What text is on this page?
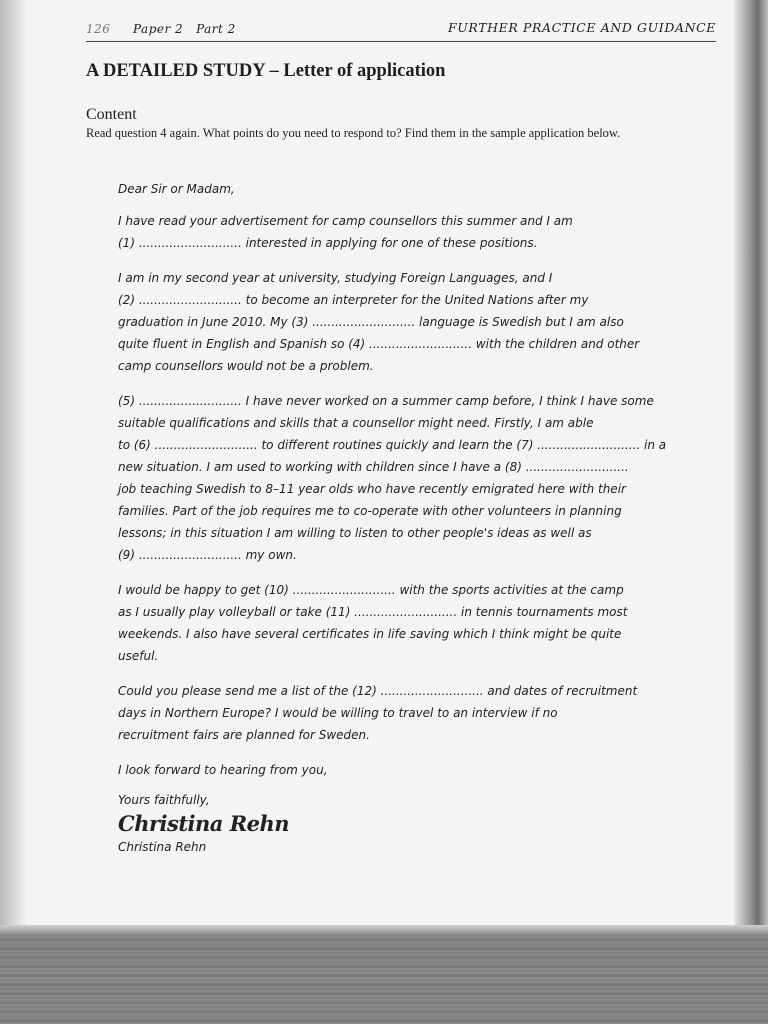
126 Paper 2   Part 2	FURTHER PRACTICE AND GUIDANCE
A DETAILED STUDY – Letter of application
Content
Read question 4 again. What points do you need to respond to? Find them in the sample application below.

Dear Sir or Madam,

I have read your advertisement for camp counsellors this summer and I am
(1) ........................... interested in applying for one of these positions.

I am in my second year at university, studying Foreign Languages, and I
(2) ........................... to become an interpreter for the United Nations after my
graduation in June 2010. My (3) ........................... language is Swedish but I am also
quite fluent in English and Spanish so (4) ........................... with the children and other
camp counsellors would not be a problem.

(5) ........................... I have never worked on a summer camp before, I think I have some
suitable qualifications and skills that a counsellor might need. Firstly, I am able
to (6) ........................... to different routines quickly and learn the (7) ........................... in a
new situation. I am used to working with children since I have a (8) ...........................
job teaching Swedish to 8–11 year olds who have recently emigrated here with their
families. Part of the job requires me to co-operate with other volunteers in planning
lessons; in this situation I am willing to listen to other people's ideas as well as
(9) ........................... my own.

I would be happy to get (10) ........................... with the sports activities at the camp
as I usually play volleyball or take (11) ........................... in tennis tournaments most
weekends. I also have several certificates in life saving which I think might be quite
useful.

Could you please send me a list of the (12) ........................... and dates of recruitment
days in Northern Europe? I would be willing to travel to an interview if no
recruitment fairs are planned for Sweden.

I look forward to hearing from you,

Yours faithfully,

Christina Rehn

Christina Rehn
